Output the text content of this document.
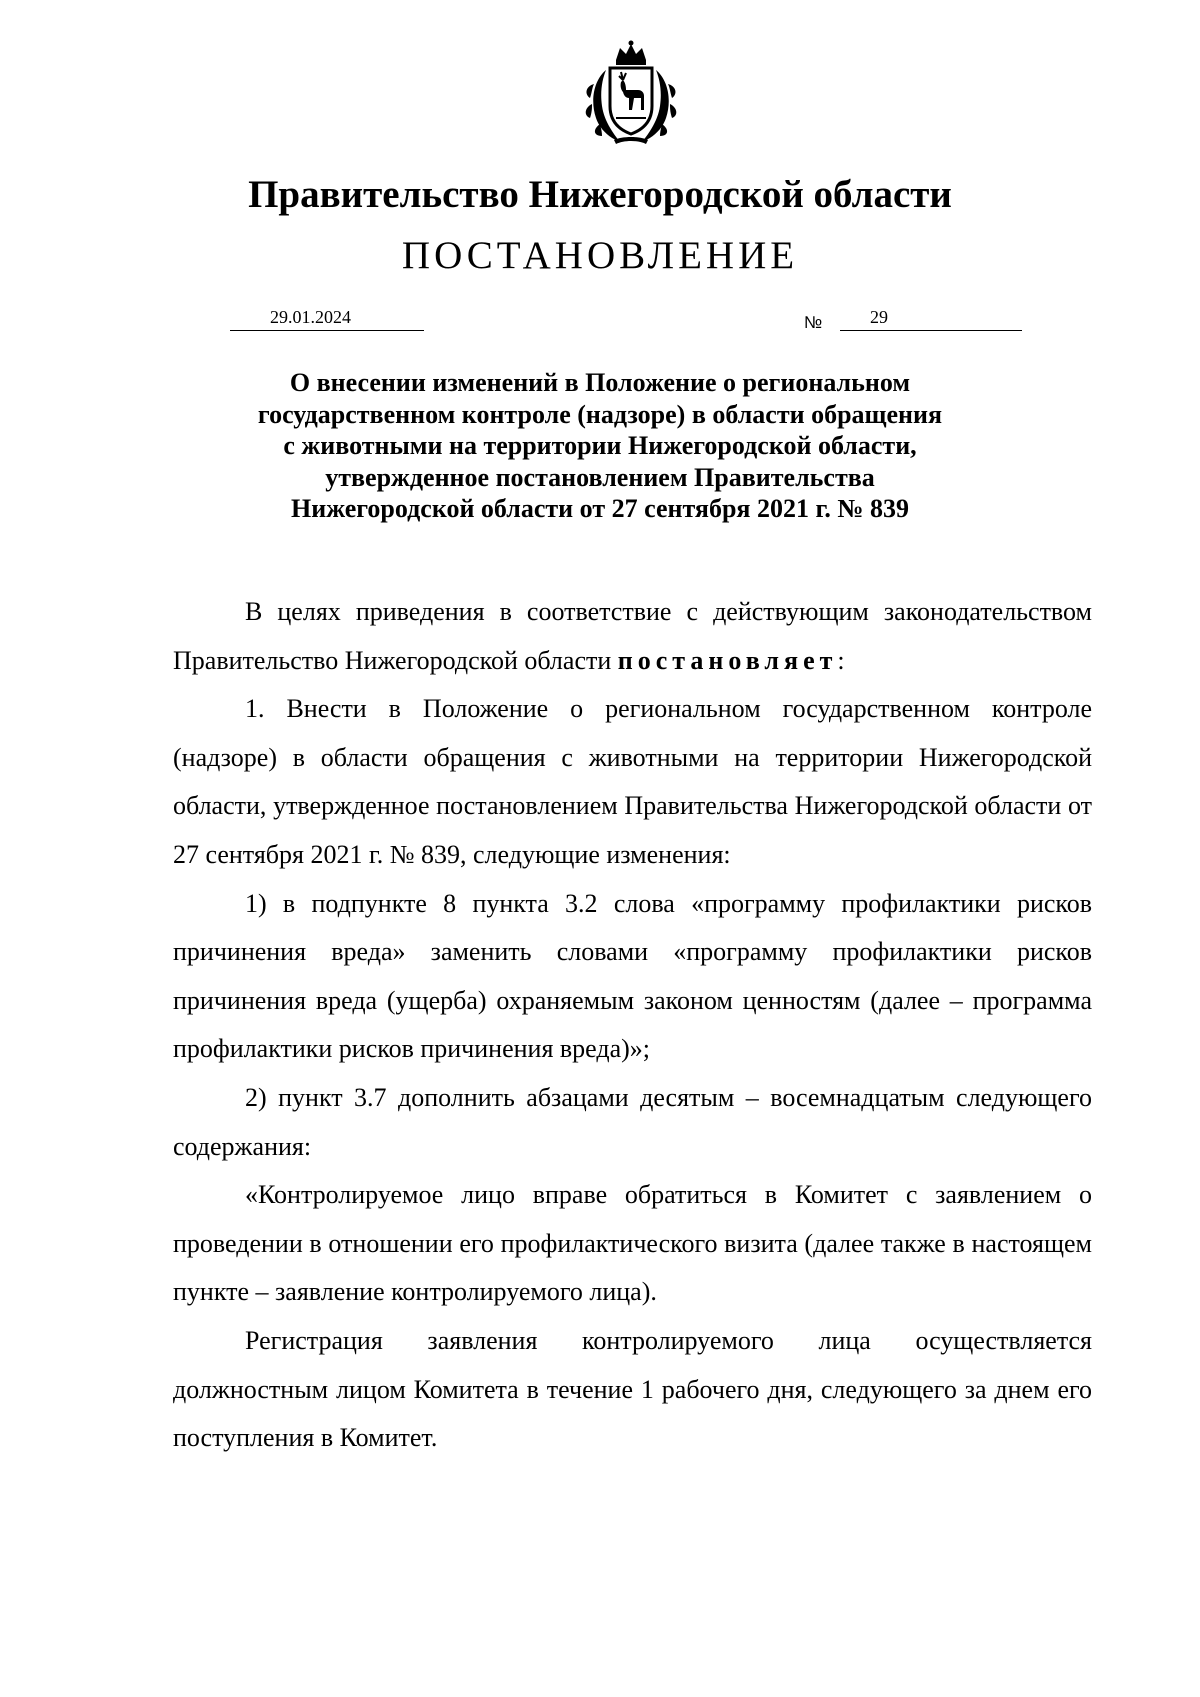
Правительство Нижегородской области
ПОСТАНОВЛЕНИЕ
29.01.2024	№	29
О внесении изменений в Положение о региональном
государственном контроле (надзоре) в области обращения
с животными на территории Нижегородской области,
утвержденное постановлением Правительства
Нижегородской области от 27 сентября 2021 г. № 839

В целях приведения в соответствие с действующим законодательством Правительство Нижегородской области постановляет:

1. Внести в Положение о региональном государственном контроле (надзоре) в области обращения с животными на территории Нижегородской области, утвержденное постановлением Правительства Нижегородской области от 27 сентября 2021 г. № 839, следующие изменения:

1) в подпункте 8 пункта 3.2 слова «программу профилактики рисков причинения вреда» заменить словами «программу профилактики рисков причинения вреда (ущерба) охраняемым законом ценностям (далее – программа профилактики рисков причинения вреда)»;

2) пункт 3.7 дополнить абзацами десятым – восемнадцатым следующего содержания:

«Контролируемое лицо вправе обратиться в Комитет с заявлением о проведении в отношении его профилактического визита (далее также в настоящем пункте – заявление контролируемого лица).

Регистрация заявления контролируемого лица осуществляется должностным лицом Комитета в течение 1 рабочего дня, следующего за днем его поступления в Комитет.
